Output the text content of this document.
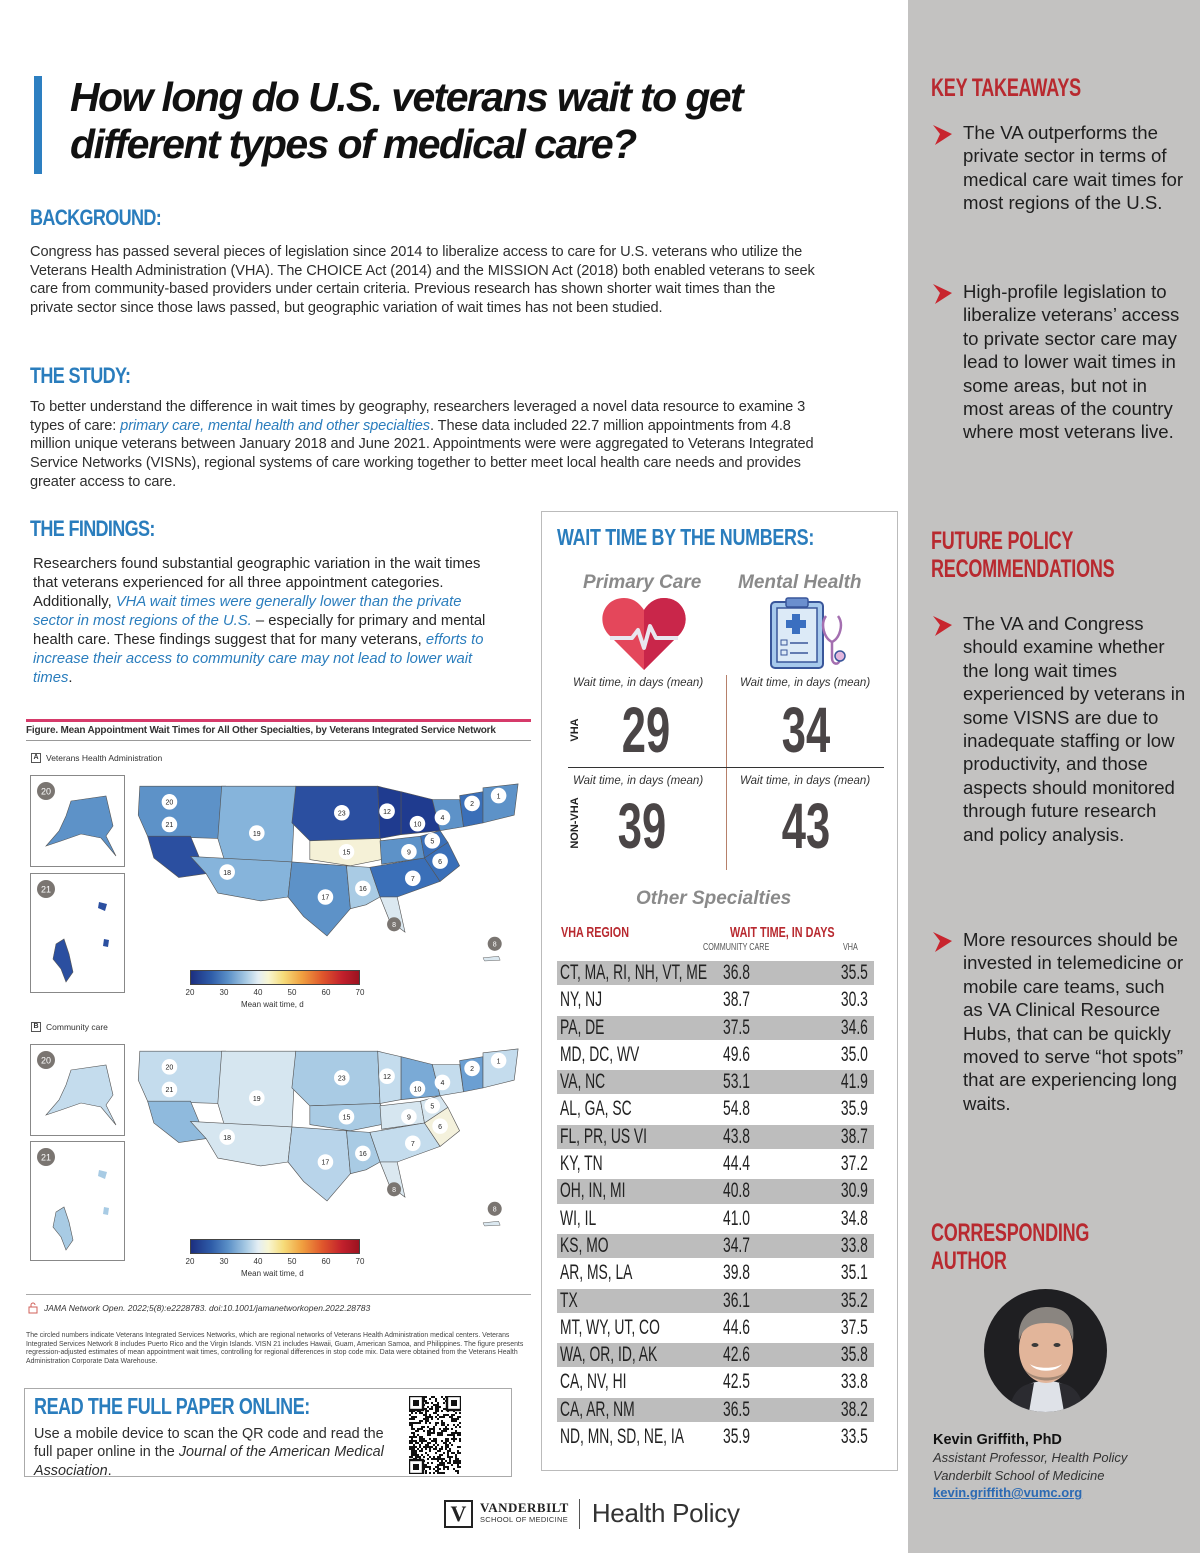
How long do U.S. veterans wait to get different types of medical care?
BACKGROUND:

Congress has passed several pieces of legislation since 2014 to liberalize access to care for U.S. veterans who utilize the Veterans Health Administration (VHA). The CHOICE Act (2014) and the MISSION Act (2018) both enabled veterans to seek care from community-based providers under certain criteria. Previous research has shown shorter wait times than the private sector since those laws passed, but geographic variation of wait times has not been studied.

THE STUDY:

To better understand the difference in wait times by geography, researchers leveraged a novel data resource to examine 3 types of care: primary care, mental health and other specialties. These data included 22.7 million appointments from 4.8 million unique veterans between January 2018 and June 2021. Appointments were were aggregated to Veterans Integrated Service Networks (VISNs), regional systems of care working together to better meet local health care needs and provides greater access to care.

THE FINDINGS:

Researchers found substantial geographic variation in the wait times that veterans experienced for all three appointment categories. Additionally, VHA wait times were generally lower than the private sector in most regions of the U.S. – especially for primary and mental health care. These findings suggest that for many veterans, efforts to increase their access to community care may not lead to lower wait times.

Figure. Mean Appointment Wait Times for All Other Specialties, by Veterans Integrated Service Network
A Veterans Health Administration
20
21
20
21
19
18
23
15
17
16
12
10
9
7
5
6
4
2
1
8
8
20	30	40	50	60	70
Mean wait time, d
B Community care
20
21
20
21
19
18
23
15
17
16
12
10
9
7
5
6
4
2
1
8
8
20	30	40	50	60	70
Mean wait time, d
JAMA Network Open. 2022;5(8):e2228783. doi:10.1001/jamanetworkopen.2022.28783

The circled numbers indicate Veterans Integrated Services Networks, which are regional networks of Veterans Health Administration medical centers. Veterans Integrated Services Network 8 includes Puerto Rico and the Virgin Islands. VISN 21 includes Hawaii, Guam, American Samoa, and Philippines. The figure presents regression-adjusted estimates of mean appointment wait times, controlling for regional differences in stop code mix. Data were obtained from the Veterans Health Administration Corporate Data Warehouse.

READ THE FULL PAPER ONLINE:

Use a mobile device to scan the QR code and read the full paper online in the Journal of the American Medical Association.

V	VANDERBILT
SCHOOL OF MEDICINE Health Policy
WAIT TIME BY THE NUMBERS:
Primary Care Mental Health
Wait time, in days (mean)	Wait time, in days (mean)
Wait time, in days (mean)	Wait time, in days (mean)
VHA
NON-VHA
29 34
39 43
Other Specialties
VHA REGION	WAIT TIME, IN DAYS
COMMUNITY CARE	VHA
CT, MA, RI, NH, VT, ME 36.8	35.5
NY, NJ	38.7	30.3
PA, DE	37.5	34.6
MD, DC, WV	49.6	35.0
VA, NC	53.1	41.9
AL, GA, SC	54.8	35.9
FL, PR, US VI	43.8	38.7
KY, TN	44.4	37.2
OH, IN, MI	40.8	30.9
WI, IL	41.0	34.8
KS, MO	34.7	33.8
AR, MS, LA	39.8	35.1
TX	36.1	35.2
MT, WY, UT, CO	44.6	37.5
WA, OR, ID, AK	42.6	35.8
CA, NV, HI	42.5	33.8
CA, AR, NM	36.5	38.2
ND, MN, SD, NE, IA 35.9	33.5
KEY TAKEAWAYS

The VA outperforms the private sector in terms of medical care wait times for most regions of the U.S.

High-profile legislation to liberalize veterans’ access to private sector care may lead to lower wait times in some areas, but not in most areas of the country where most veterans live.

FUTURE POLICY
RECOMMENDATIONS

The VA and Congress should examine whether the long wait times experienced by veterans in some VISNS are due to inadequate staffing or low productivity, and those aspects should monitored through future research and policy analysis.

More resources should be invested in telemedicine or mobile care teams, such as VA Clinical Resource Hubs, that can be quickly moved to serve “hot spots” that are experiencing long waits.

CORRESPONDING
AUTHOR
Kevin Griffith, PhD
Assistant Professor, Health Policy
Vanderbilt School of Medicine
kevin.griffith@vumc.org
